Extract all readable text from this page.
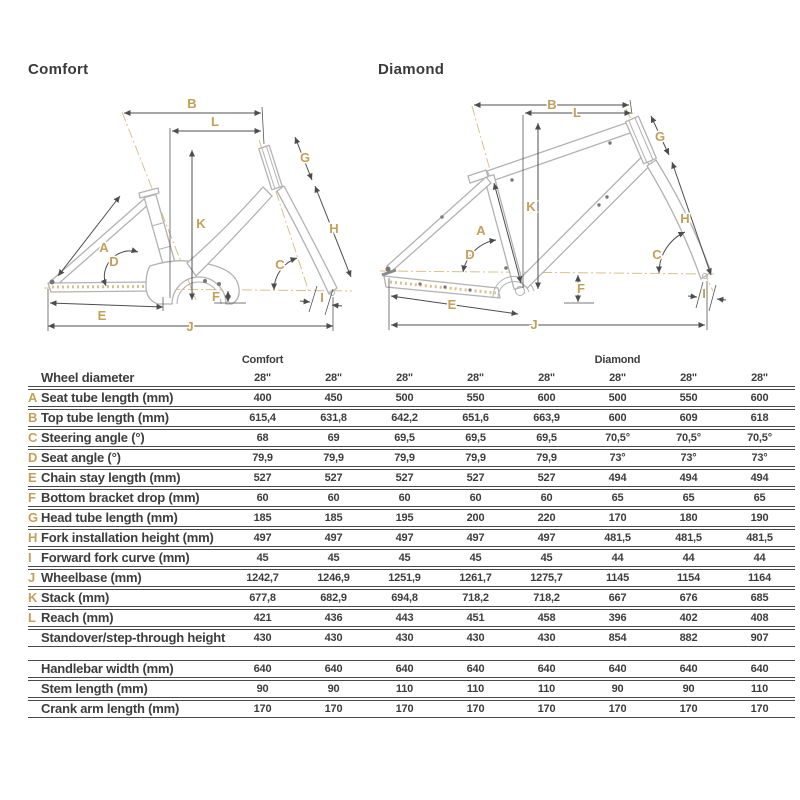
Comfort	Diamond
B
L
K
A
D
E
J
F
G
H
C
I
B
L
K
A
D
E
J
F
G
H
C
I
	Comfort					Diamond		
Wheel diameter	28"	28"	28"	28"	28"	28"	28"	28"
A Seat tube length (mm)	400	450	500	550	600	500	550	600
B Top tube length (mm)	615,4	631,8	642,2	651,6	663,9	600	609	618
C Steering angle (°)	68	69	69,5	69,5	69,5	70,5°	70,5°	70,5°
D Seat angle (°)	79,9	79,9	79,9	79,9	79,9	73°	73°	73°
E Chain stay length (mm)	527	527	527	527	527	494	494	494
F Bottom bracket drop (mm)	60	60	60	60	60	65	65	65
G Head tube length (mm)	185	185	195	200	220	170	180	190
H Fork installation height (mm)	497	497	497	497	497	481,5	481,5	481,5
I Forward fork curve (mm)	45	45	45	45	45	44	44	44
J Wheelbase (mm)	1242,7	1246,9	1251,9	1261,7	1275,7	1145	1154	1164
K Stack (mm)	677,8	682,9	694,8	718,2	718,2	667	676	685
L Reach (mm)	421	436	443	451	458	396	402	408
Standover/step-through height	430	430	430	430	430	854	882	907

Handlebar width (mm)	640	640	640	640	640	640	640	640
Stem length (mm)	90	90	110	110	110	90	90	110
Crank arm length (mm)	170	170	170	170	170	170	170	170
